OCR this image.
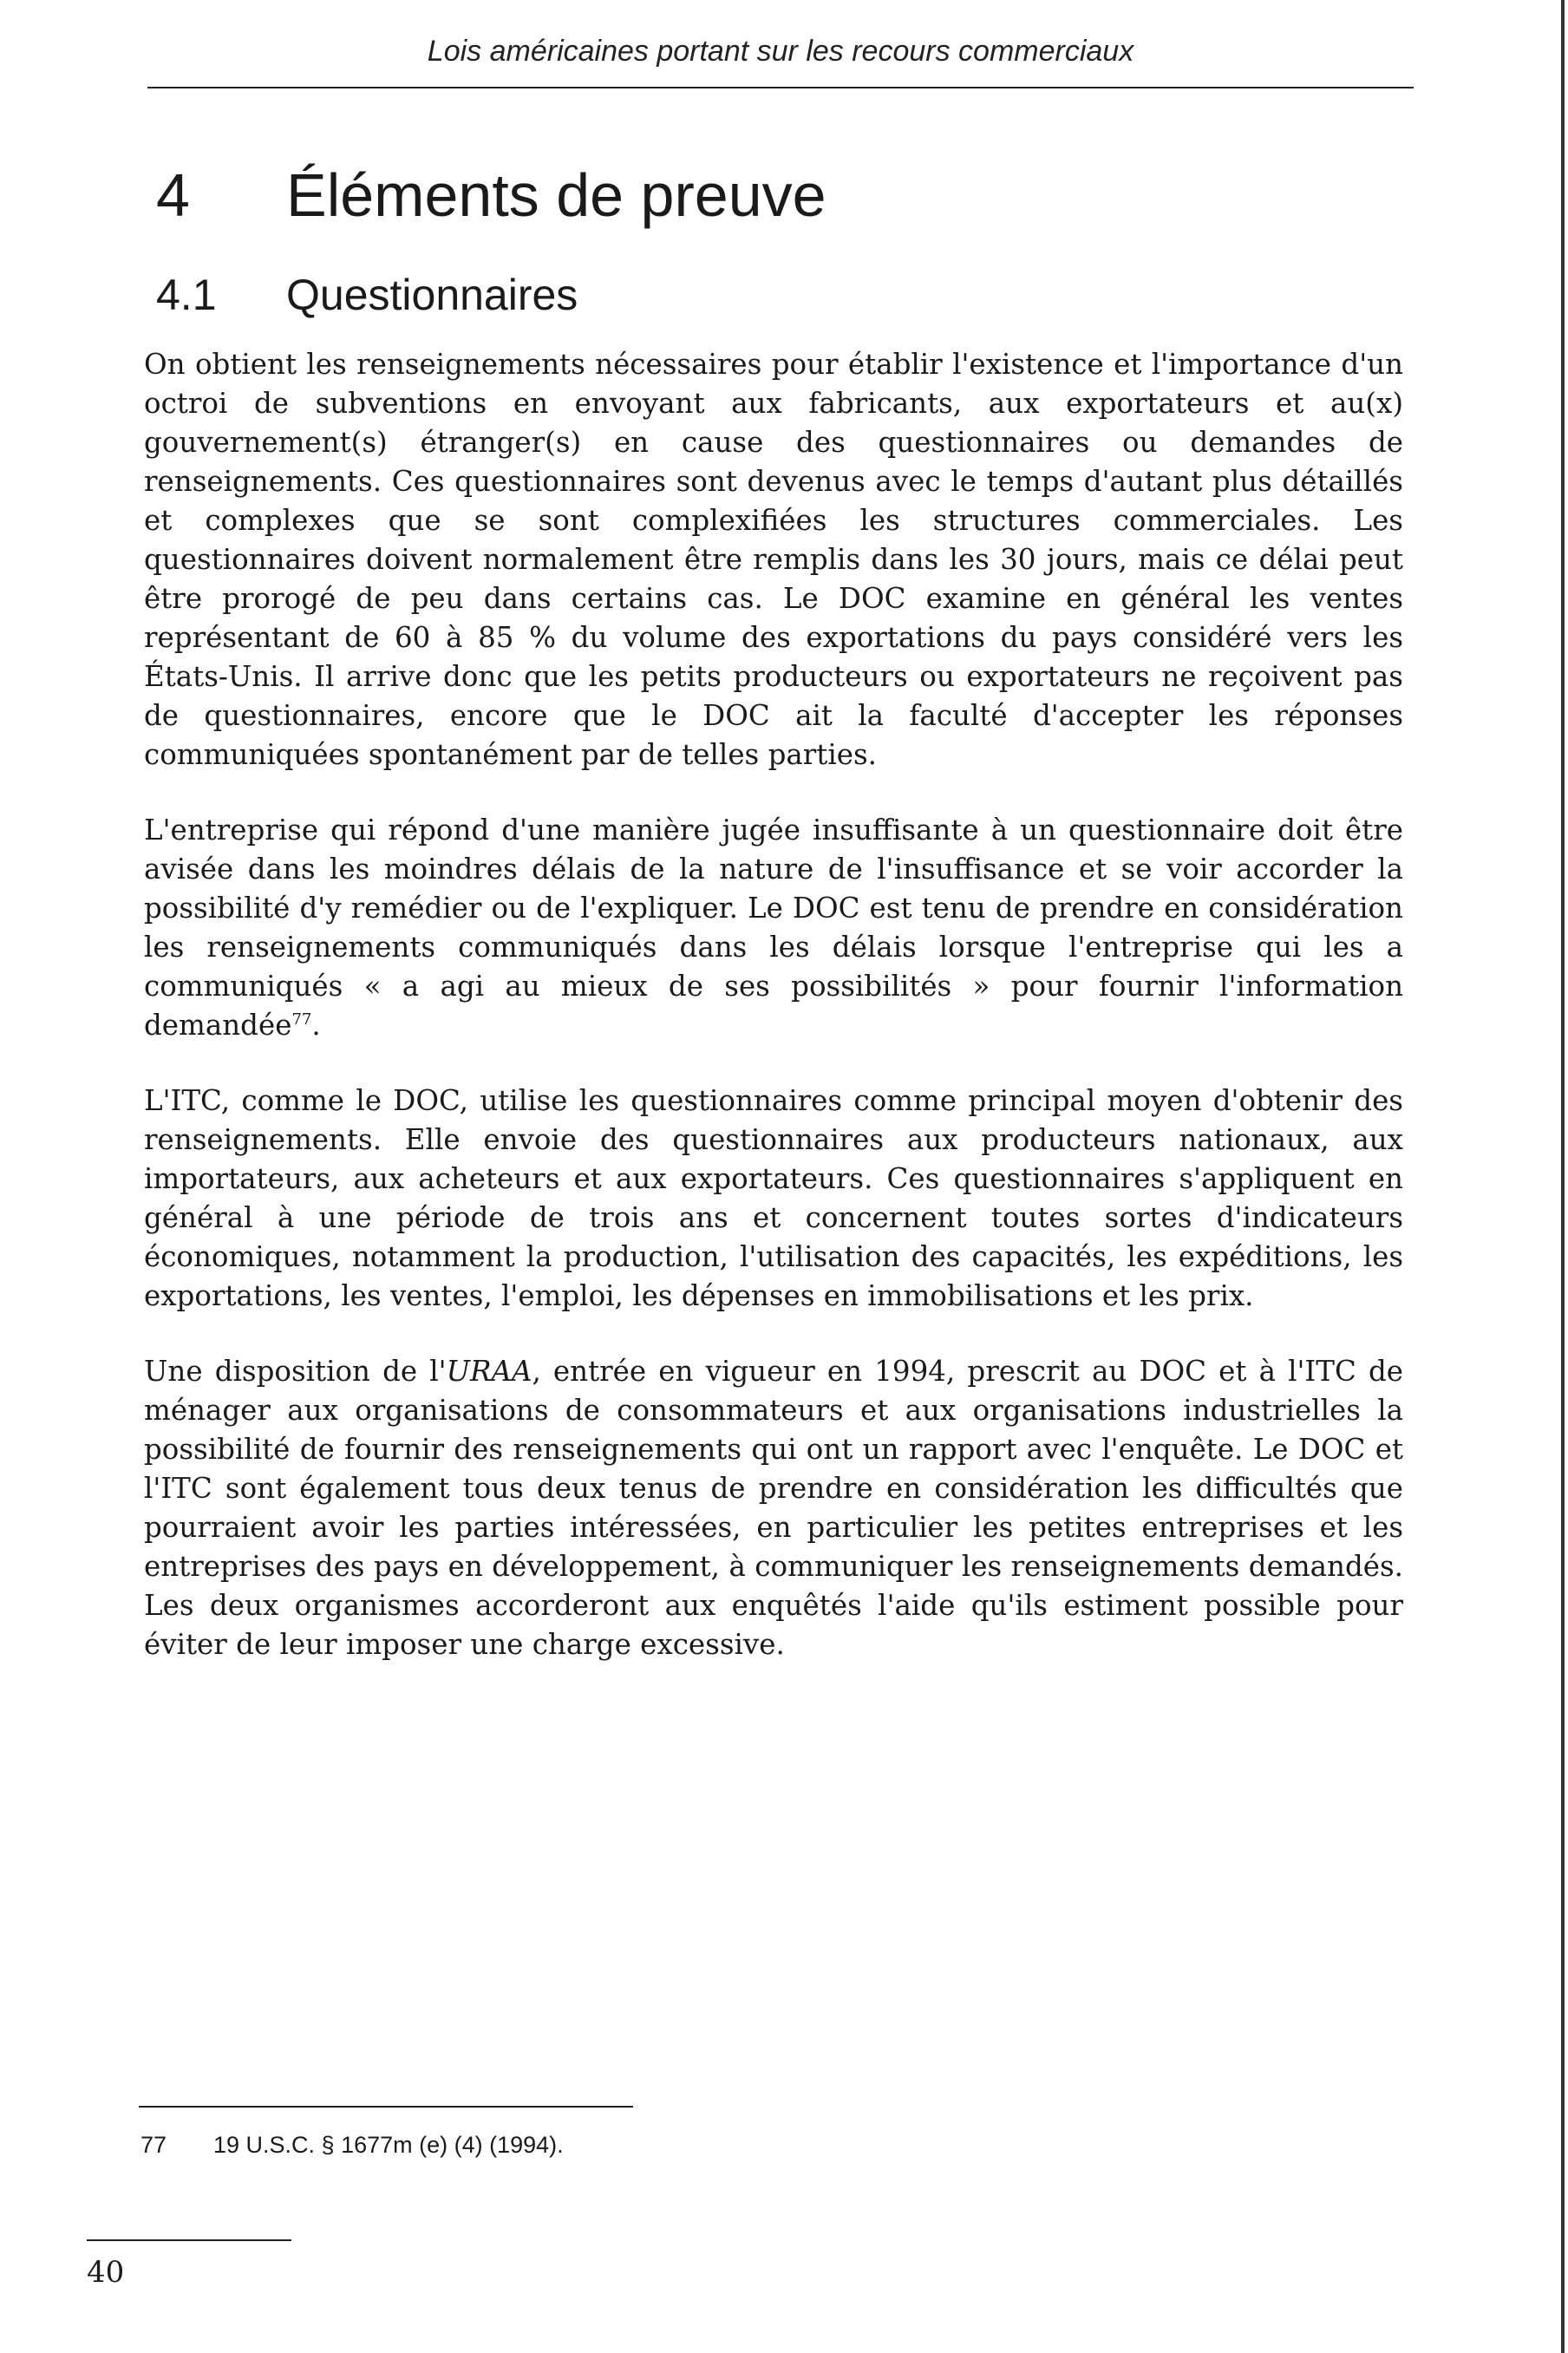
Lois américaines portant sur les recours commerciaux
4 Éléments de preuve
4.1 Questionnaires

On obtient les renseignements nécessaires pour établir l'existence et l'importance d'un octroi de subventions en envoyant aux fabricants, aux exportateurs et au(x) gouvernement(s) étranger(s) en cause des questionnaires ou demandes de renseignements. Ces questionnaires sont devenus avec le temps d'autant plus détaillés et complexes que se sont complexifiées les structures commerciales. Les questionnaires doivent normalement être remplis dans les 30 jours, mais ce délai peut être prorogé de peu dans certains cas. Le DOC examine en général les ventes représentant de 60 à 85 % du volume des exportations du pays considéré vers les États-Unis. Il arrive donc que les petits producteurs ou exportateurs ne reçoivent pas de questionnaires, encore que le DOC ait la faculté d'accepter les réponses communiquées spontanément par de telles parties.

L'entreprise qui répond d'une manière jugée insuffisante à un questionnaire doit être avisée dans les moindres délais de la nature de l'insuffisance et se voir accorder la possibilité d'y remédier ou de l'expliquer. Le DOC est tenu de prendre en considération les renseignements communiqués dans les délais lorsque l'entreprise qui les a communiqués « a agi au mieux de ses possibilités » pour fournir l'information demandée$^{77}$.

L'ITC, comme le DOC, utilise les questionnaires comme principal moyen d'obtenir des renseignements. Elle envoie des questionnaires aux producteurs nationaux, aux importateurs, aux acheteurs et aux exportateurs. Ces questionnaires s'appliquent en général à une période de trois ans et concernent toutes sortes d'indicateurs économiques, notamment la production, l'utilisation des capacités, les expéditions, les exportations, les ventes, l'emploi, les dépenses en immobilisations et les prix.

Une disposition de l'URAA, entrée en vigueur en 1994, prescrit au DOC et à l'ITC de ménager aux organisations de consommateurs et aux organisations industrielles la possibilité de fournir des renseignements qui ont un rapport avec l'enquête. Le DOC et l'ITC sont également tous deux tenus de prendre en considération les difficultés que pourraient avoir les parties intéressées, en particulier les petites entreprises et les entreprises des pays en développement, à communiquer les renseignements demandés. Les deux organismes accorderont aux enquêtés l'aide qu'ils estiment possible pour éviter de leur imposer une charge excessive.

77 19 U.S.C. § 1677m (e) (4) (1994).
40
